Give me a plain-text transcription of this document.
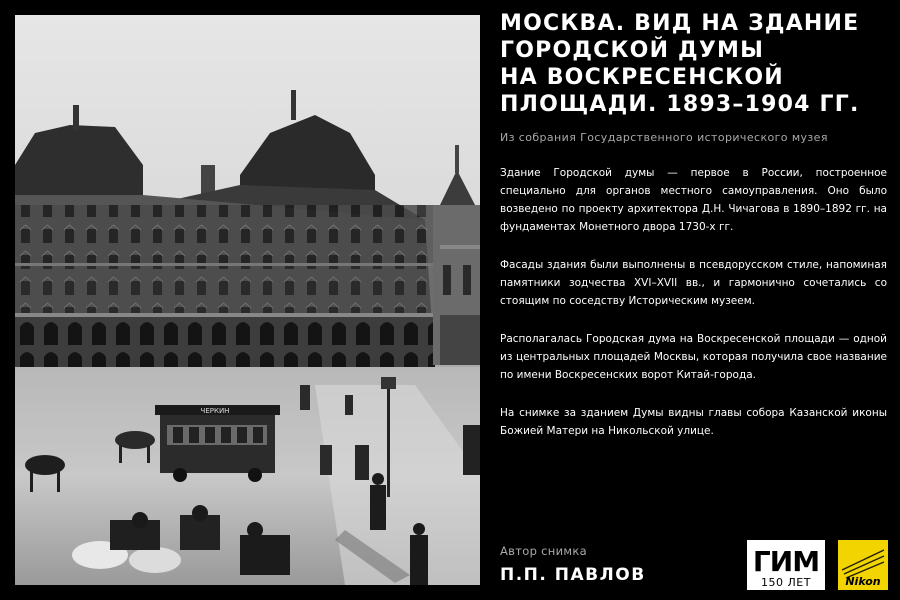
ЧЕРКИН
МОСКВА. ВИД НА ЗДАНИЕ
ГОРОДСКОЙ ДУМЫ
НА ВОСКРЕСЕНСКОЙ
ПЛОЩАДИ. 1893–1904 ГГ.

Из собрания Государственного исторического музея

Здание Городской думы — первое в России, построенное специально для органов местного самоуправления. Оно было возведено по проекту архитектора Д.Н. Чичагова в 1890–1892 гг. на фундаментах Монетного двора 1730-х гг.

Фасады здания были выполнены в псевдорусском стиле, напоминая памятники зодчества XVI–XVII вв., и гармонично сочетались со стоящим по соседству Историческим музеем.

Располагалась Городская дума на Воскресенской площади — одной из центральных площадей Москвы, которая получила свое название по имени Воскресенских ворот Китай-города.

На снимке за зданием Думы видны главы собора Казанской иконы Божией Матери на Никольской улице.

Автор снимка
П.П. ПАВЛОВ	ГИМ
150 ЛЕТ	Nikon
